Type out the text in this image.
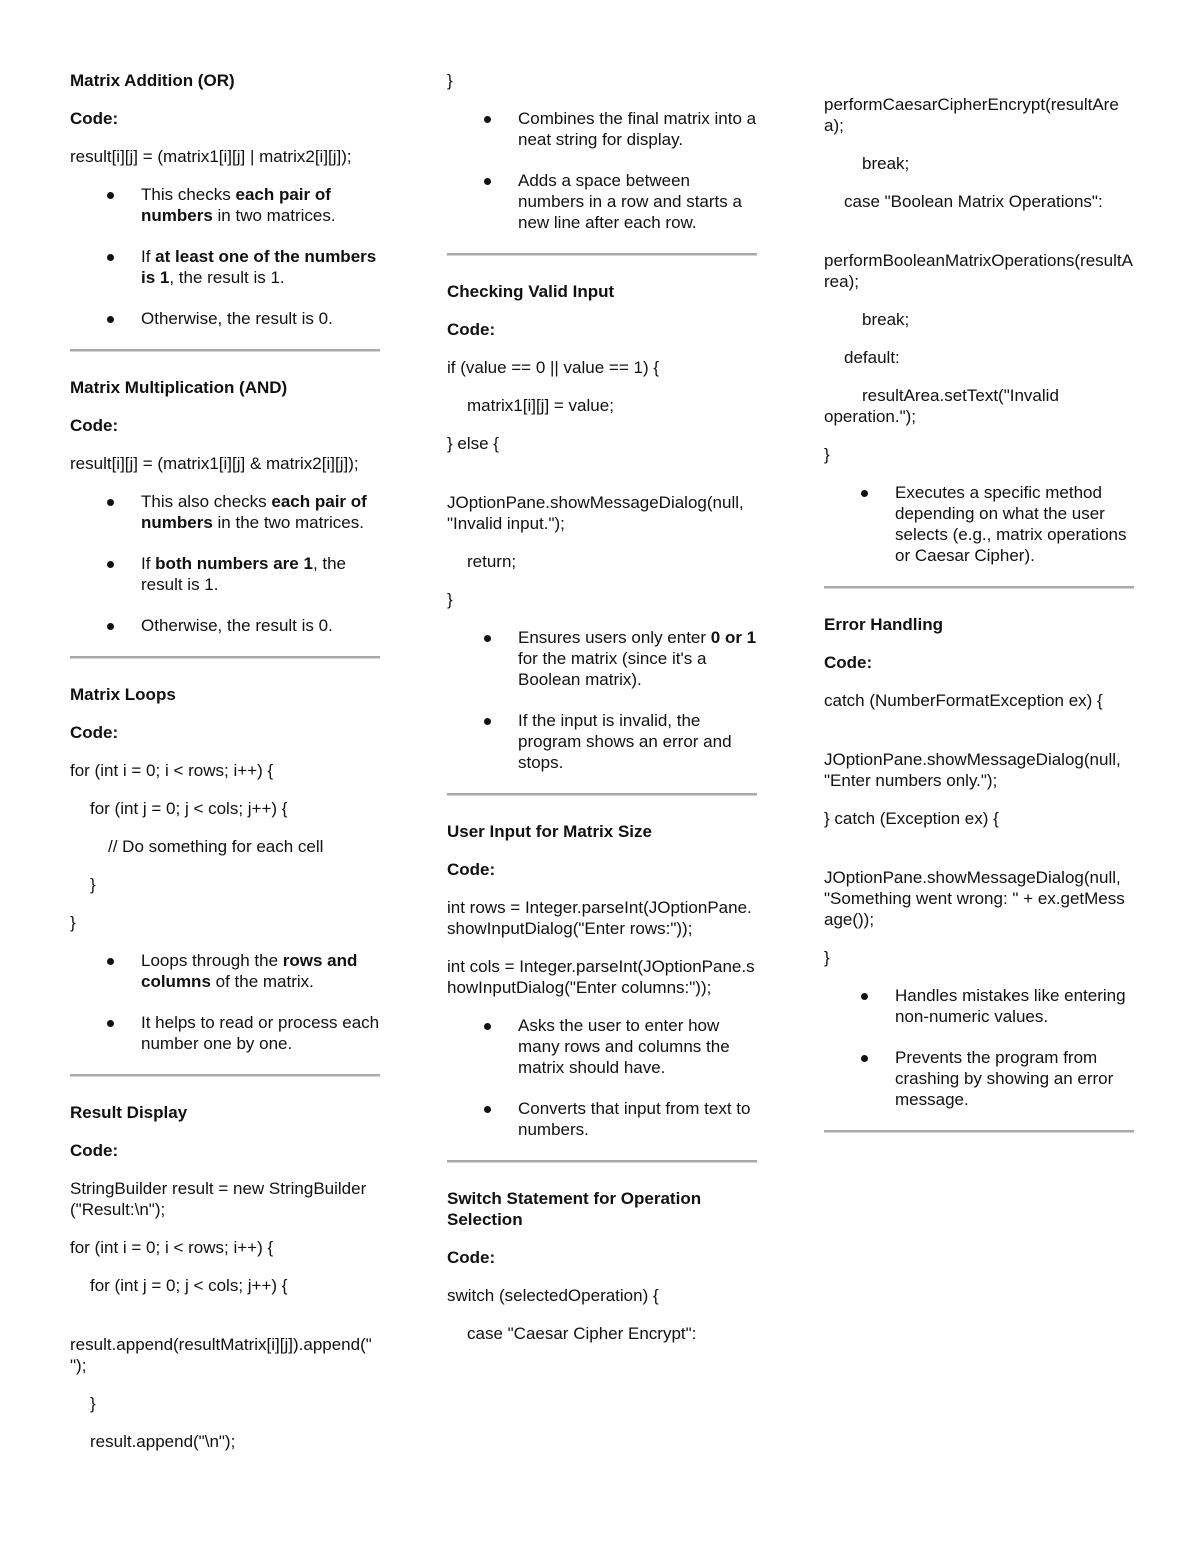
Matrix Addition (OR)
Code:
result[i][j] = (matrix1[i][j] | matrix2[i][j]);
This checks each pair of numbers in two matrices.
If at least one of the numbers is 1, the result is 1.
Otherwise, the result is 0.
Matrix Multiplication (AND)
Code:
result[i][j] = (matrix1[i][j] & matrix2[i][j]);
This also checks each pair of numbers in the two matrices.
If both numbers are 1, the result is 1.
Otherwise, the result is 0.
Matrix Loops
Code:
for (int i = 0; i < rows; i++) {
for (int j = 0; j < cols; j++) {
// Do something for each cell
}
}
Loops through the rows and columns of the matrix.
It helps to read or process each number one by one.
Result Display
Code:
StringBuilder result = new StringBuilder("Result:\n");
for (int i = 0; i < rows; i++) {
for (int j = 0; j < cols; j++) {
result.append(resultMatrix[i][j]).append(" ");
}
result.append("\n");
}
Combines the final matrix into a neat string for display.
Adds a space between numbers in a row and starts a new line after each row.
Checking Valid Input
Code:
if (value == 0 || value == 1) {
matrix1[i][j] = value;
} else {
JOptionPane.showMessageDialog(null, "Invalid input.");
return;
}
Ensures users only enter 0 or 1 for the matrix (since it's a Boolean matrix).
If the input is invalid, the program shows an error and stops.
User Input for Matrix Size
Code:
int rows = Integer.parseInt(JOptionPane.showInputDialog("Enter rows:"));
int cols = Integer.parseInt(JOptionPane.showInputDialog("Enter columns:"));
Asks the user to enter how many rows and columns the matrix should have.
Converts that input from text to numbers.
Switch Statement for Operation Selection
Code:
switch (selectedOperation) {
case "Caesar Cipher Encrypt":
performCaesarCipherEncrypt(resultArea);
break;
case "Boolean Matrix Operations":
performBooleanMatrixOperations(resultArea);
break;
default:
resultArea.setText("Invalid
operation.");
}
Executes a specific method depending on what the user selects (e.g., matrix operations or Caesar Cipher).
Error Handling
Code:
catch (NumberFormatException ex) {
JOptionPane.showMessageDialog(null, "Enter numbers only.");
} catch (Exception ex) {
JOptionPane.showMessageDialog(null, "Something went wrong: " + ex.getMessage());
}
Handles mistakes like entering non-numeric values.
Prevents the program from crashing by showing an error message.
